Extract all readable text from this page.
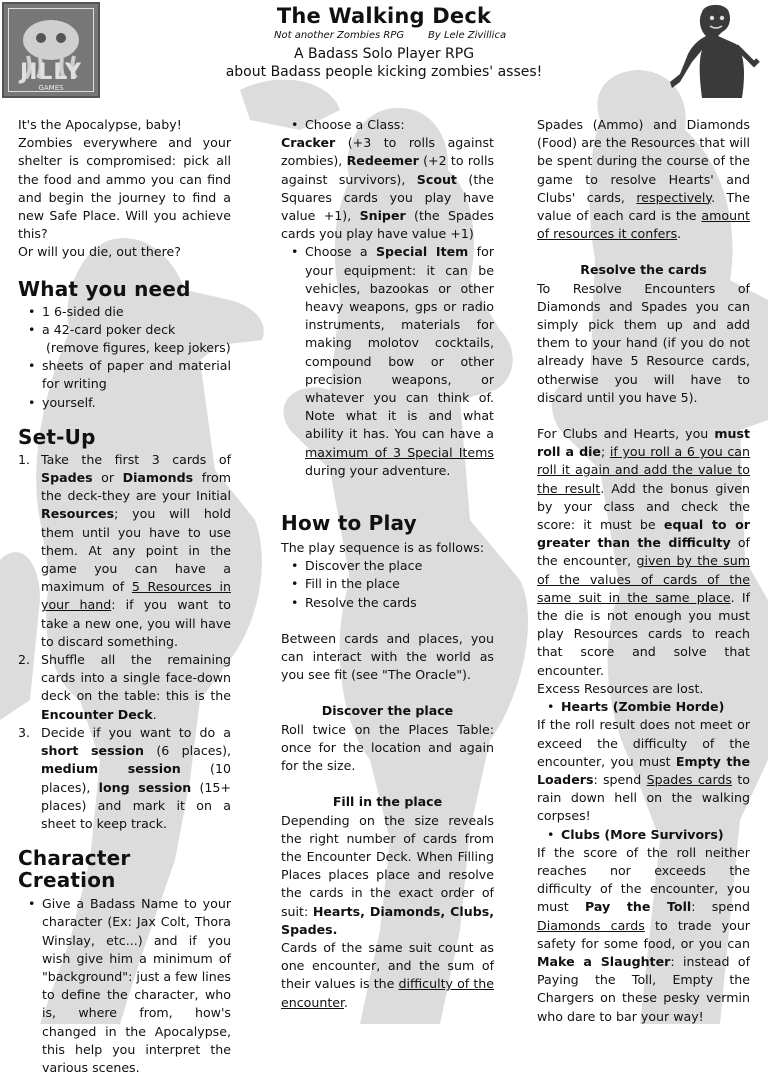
JILLY
GAMES
The Walking Deck
Not another Zombies RPG By Lele Zivillica
A Badass Solo Player RPG
about Badass people kicking zombies' asses!

It's the Apocalypse, baby!

Zombies everywhere and your shelter is compromised: pick all the food and ammo you can find and begin the journey to find a new Safe Place. Will you achieve this?

Or will you die, out there?

What you need
• 1 6-sided die
• a 42-card poker deck
(remove figures, keep jokers)
• sheets of paper and material for writing
• yourself.
Set-Up
1. Take the first 3 cards of Spades or Diamonds from the deck-they are your Initial Resources; you will hold them until you have to use them. At any point in the game you can have a maximum of 5 Resources in your hand: if you want to take a new one, you will have to discard something.
2. Shuffle all the remaining cards into a single face-down deck on the table: this is the Encounter Deck.
3. Decide if you want to do a short session (6 places), medium session (10 places), long session (15+ places) and mark it on a sheet to keep track.
Character
Creation
• Give a Badass Name to your character (Ex: Jax Colt, Thora Winslay, etc...) and if you wish give him a minimum of "background": just a few lines to define the character, who is, where from, how's changed in the Apocalypse, this help you interpret the various scenes.
• Choose a Class:

Cracker (+3 to rolls against zombies), Redeemer (+2 to rolls against survivors), Scout (the Squares cards you play have value +1), Sniper (the Spades cards you play have value +1)

• Choose a Special Item for your equipment: it can be vehicles, bazookas or other heavy weapons, gps or radio instruments, materials for making molotov cocktails, compound bow or other precision weapons, or whatever you can think of. Note what it is and what ability it has. You can have a maximum of 3 Special Items during your adventure.
How to Play

The play sequence is as follows:

• Discover the place
• Fill in the place
• Resolve the cards

Between cards and places, you can interact with the world as you see fit (see "The Oracle").

Discover the place

Roll twice on the Places Table: once for the location and again for the size.

Fill in the place

Depending on the size reveals the right number of cards from the Encounter Deck. When Filling Places places place and resolve the cards in the exact order of suit: Hearts, Diamonds, Clubs, Spades.

Cards of the same suit count as one encounter, and the sum of their values is the difficulty of the encounter.

Spades (Ammo) and Diamonds (Food) are the Resources that will be spent during the course of the game to resolve Hearts' and Clubs' cards, respectively. The value of each card is the amount of resources it confers.

Resolve the cards

To Resolve Encounters of Diamonds and Spades you can simply pick them up and add them to your hand (if you do not already have 5 Resource cards, otherwise you will have to discard until you have 5).

For Clubs and Hearts, you must roll a die; if you roll a 6 you can roll it again and add the value to the result. Add the bonus given by your class and check the score: it must be equal to or greater than the difficulty of the encounter, given by the sum of the values of cards of the same suit in the same place. If the die is not enough you must play Resources cards to reach that score and solve that encounter.

Excess Resources are lost.

• Hearts (Zombie Horde)

If the roll result does not meet or exceed the difficulty of the encounter, you must Empty the Loaders: spend Spades cards to rain down hell on the walking corpses!

• Clubs (More Survivors)

If the score of the roll neither reaches nor exceeds the difficulty of the encounter, you must Pay the Toll: spend Diamonds cards to trade your safety for some food, or you can Make a Slaughter: instead of Paying the Toll, Empty the Chargers on these pesky vermin who dare to bar your way!
